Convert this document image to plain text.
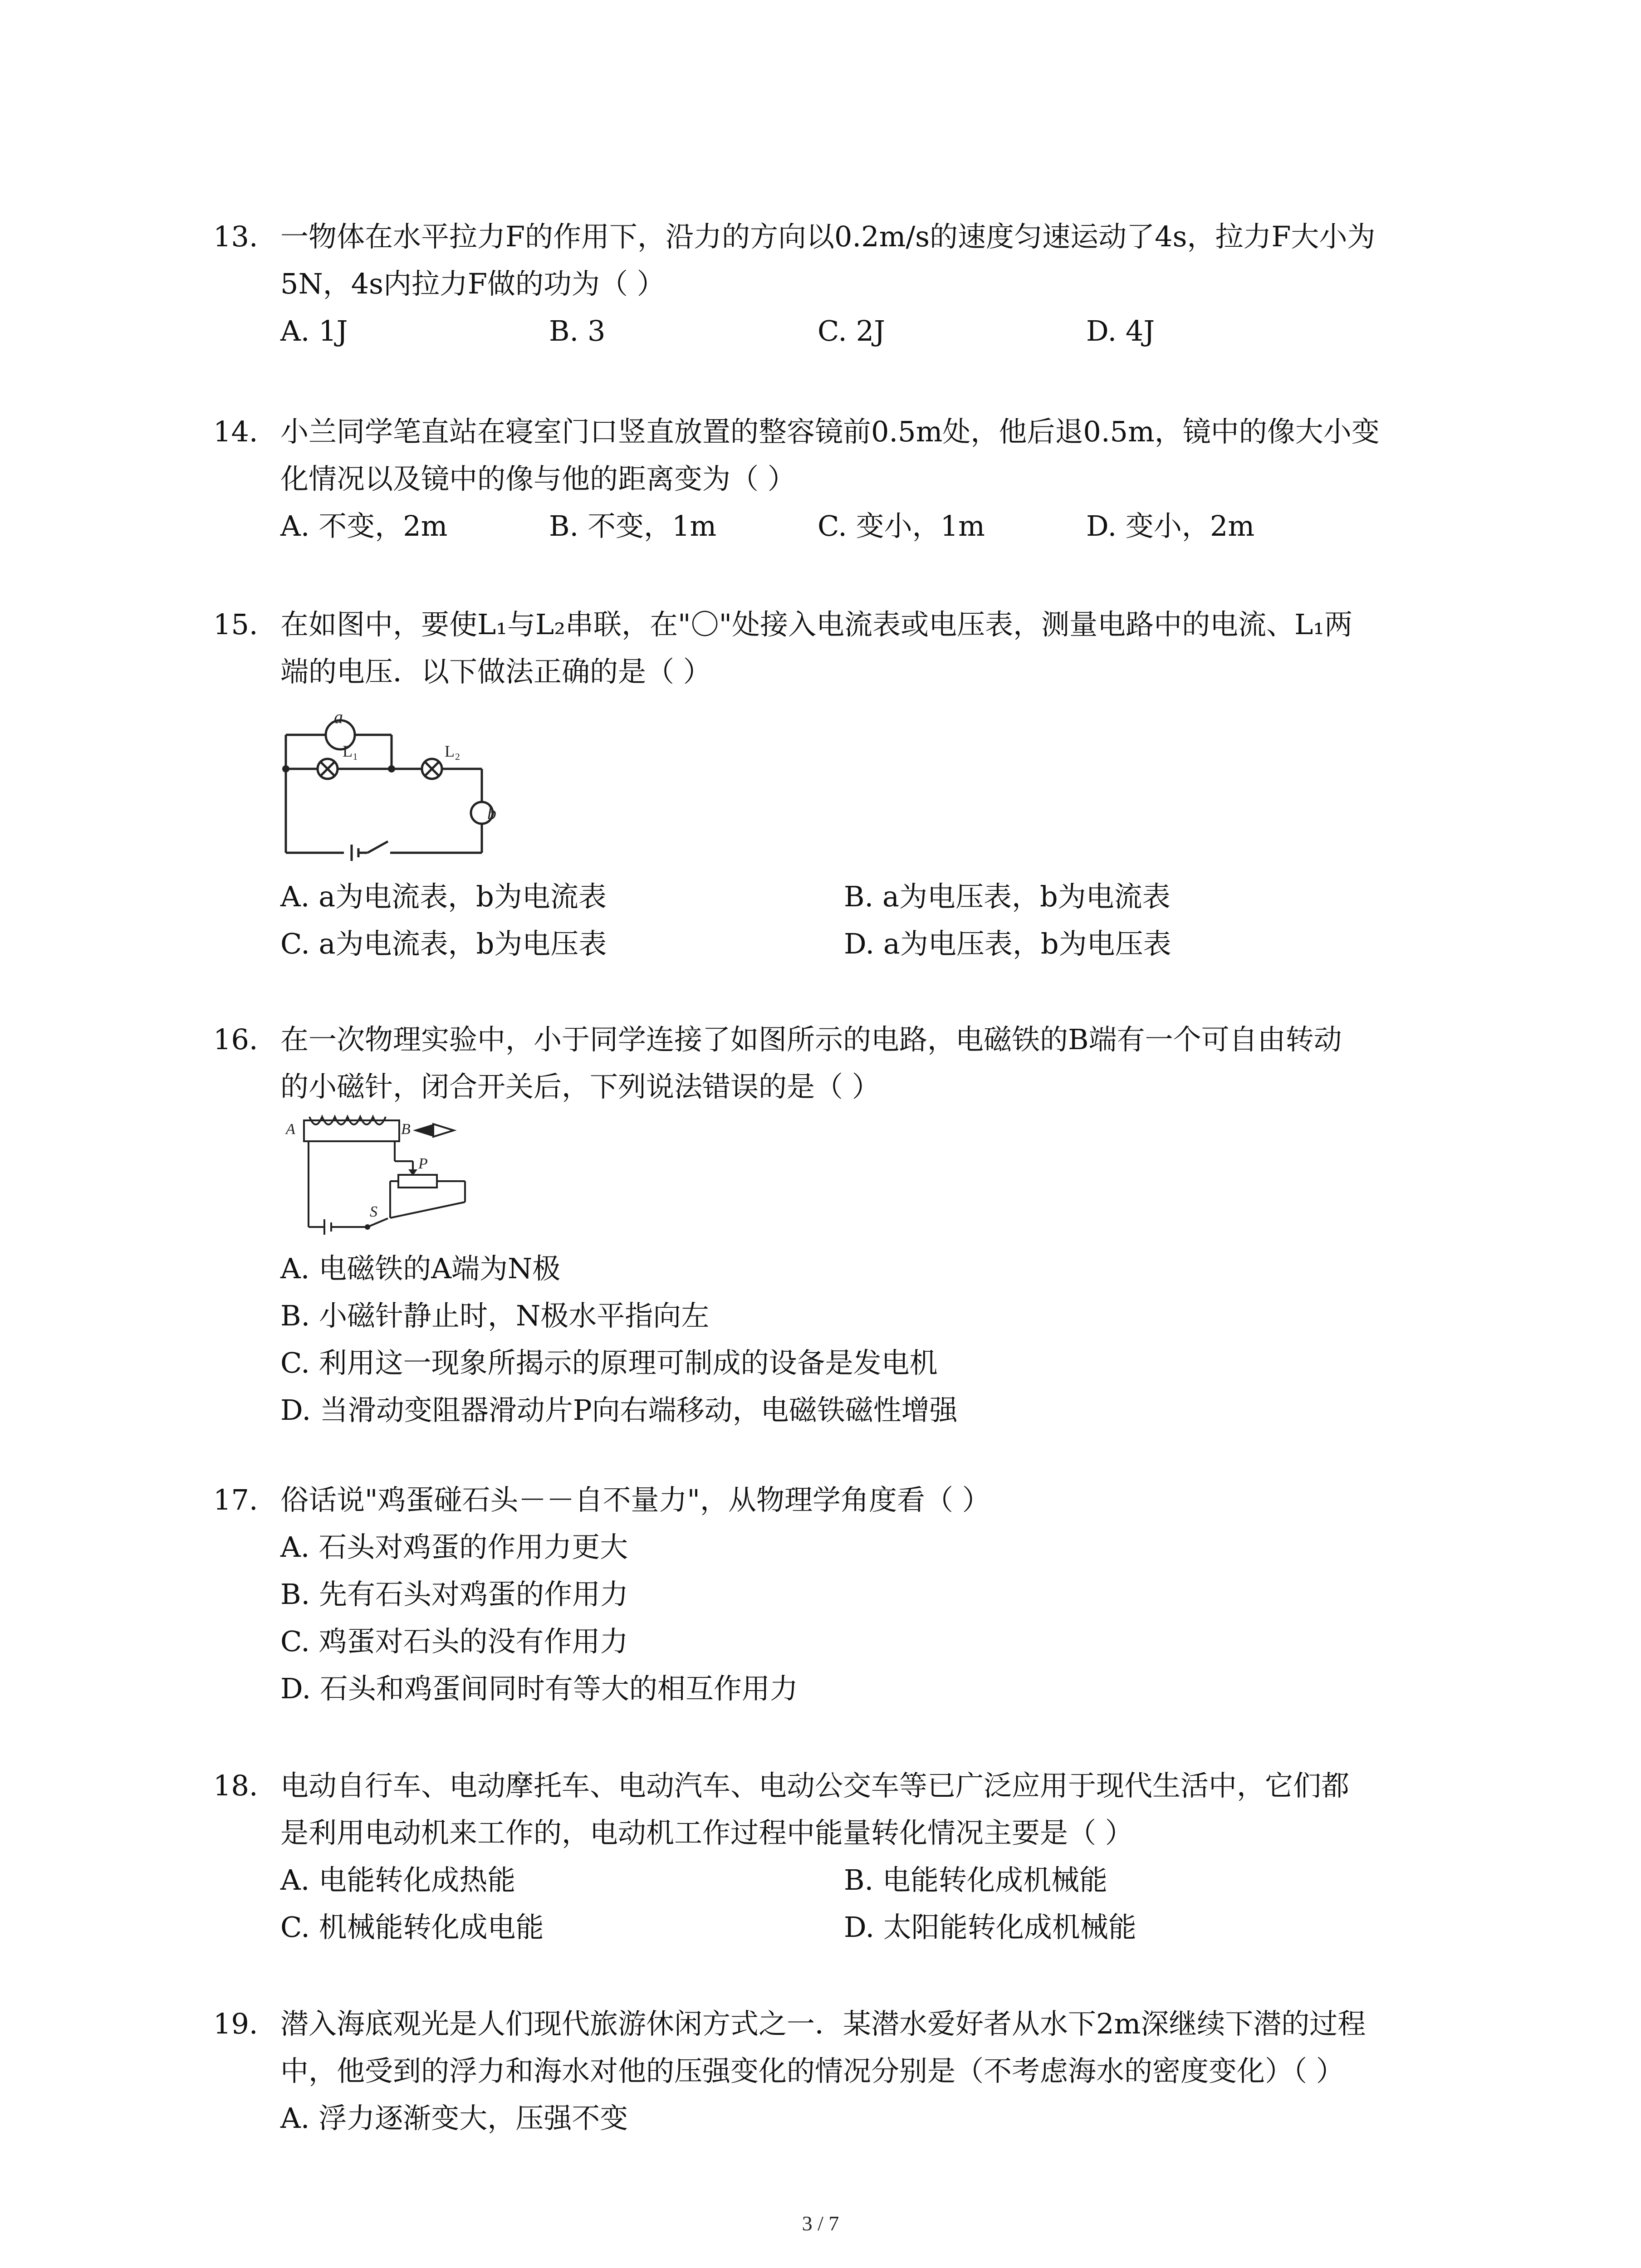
13. 一物体在水平拉力F的作用下，沿力的方向以0.2m/s的速度匀速运动了4s，拉力F大小为
5N，4s内拉力F做的功为（ ）
A. 1J	B. 3	C. 2J	D. 4J
14. 小兰同学笔直站在寝室门口竖直放置的整容镜前0.5m处，他后退0.5m，镜中的像大小变
化情况以及镜中的像与他的距离变为（ ）
A. 不变，2m	B. 不变，1m	C. 变小，1m	D. 变小，2m
15. 在如图中，要使L₁与L₂串联，在"〇"处接入电流表或电压表，测量电路中的电流、L₁两
端的电压．以下做法正确的是（ ）
a
b
L₁	L₂
A. a为电流表，b为电流表	B. a为电压表，b为电流表
C. a为电流表，b为电压表	D. a为电压表，b为电压表
16. 在一次物理实验中，小于同学连接了如图所示的电路，电磁铁的B端有一个可自由转动
的小磁针，闭合开关后，下列说法错误的是（ ）
A	B
P
S
A. 电磁铁的A端为N极
B. 小磁针静止时，N极水平指向左
C. 利用这一现象所揭示的原理可制成的设备是发电机
D. 当滑动变阻器滑动片P向右端移动，电磁铁磁性增强
17. 俗话说"鸡蛋碰石头－－自不量力"，从物理学角度看（ ）
A. 石头对鸡蛋的作用力更大
B. 先有石头对鸡蛋的作用力
C. 鸡蛋对石头的没有作用力
D. 石头和鸡蛋间同时有等大的相互作用力
18. 电动自行车、电动摩托车、电动汽车、电动公交车等已广泛应用于现代生活中，它们都
是利用电动机来工作的，电动机工作过程中能量转化情况主要是（ ）
A. 电能转化成热能	B. 电能转化成机械能
C. 机械能转化成电能	D. 太阳能转化成机械能
19. 潜入海底观光是人们现代旅游休闲方式之一．某潜水爱好者从水下2m深继续下潜的过程
中，他受到的浮力和海水对他的压强变化的情况分别是（不考虑海水的密度变化）（ ）
A. 浮力逐渐变大，压强不变
3 / 7
